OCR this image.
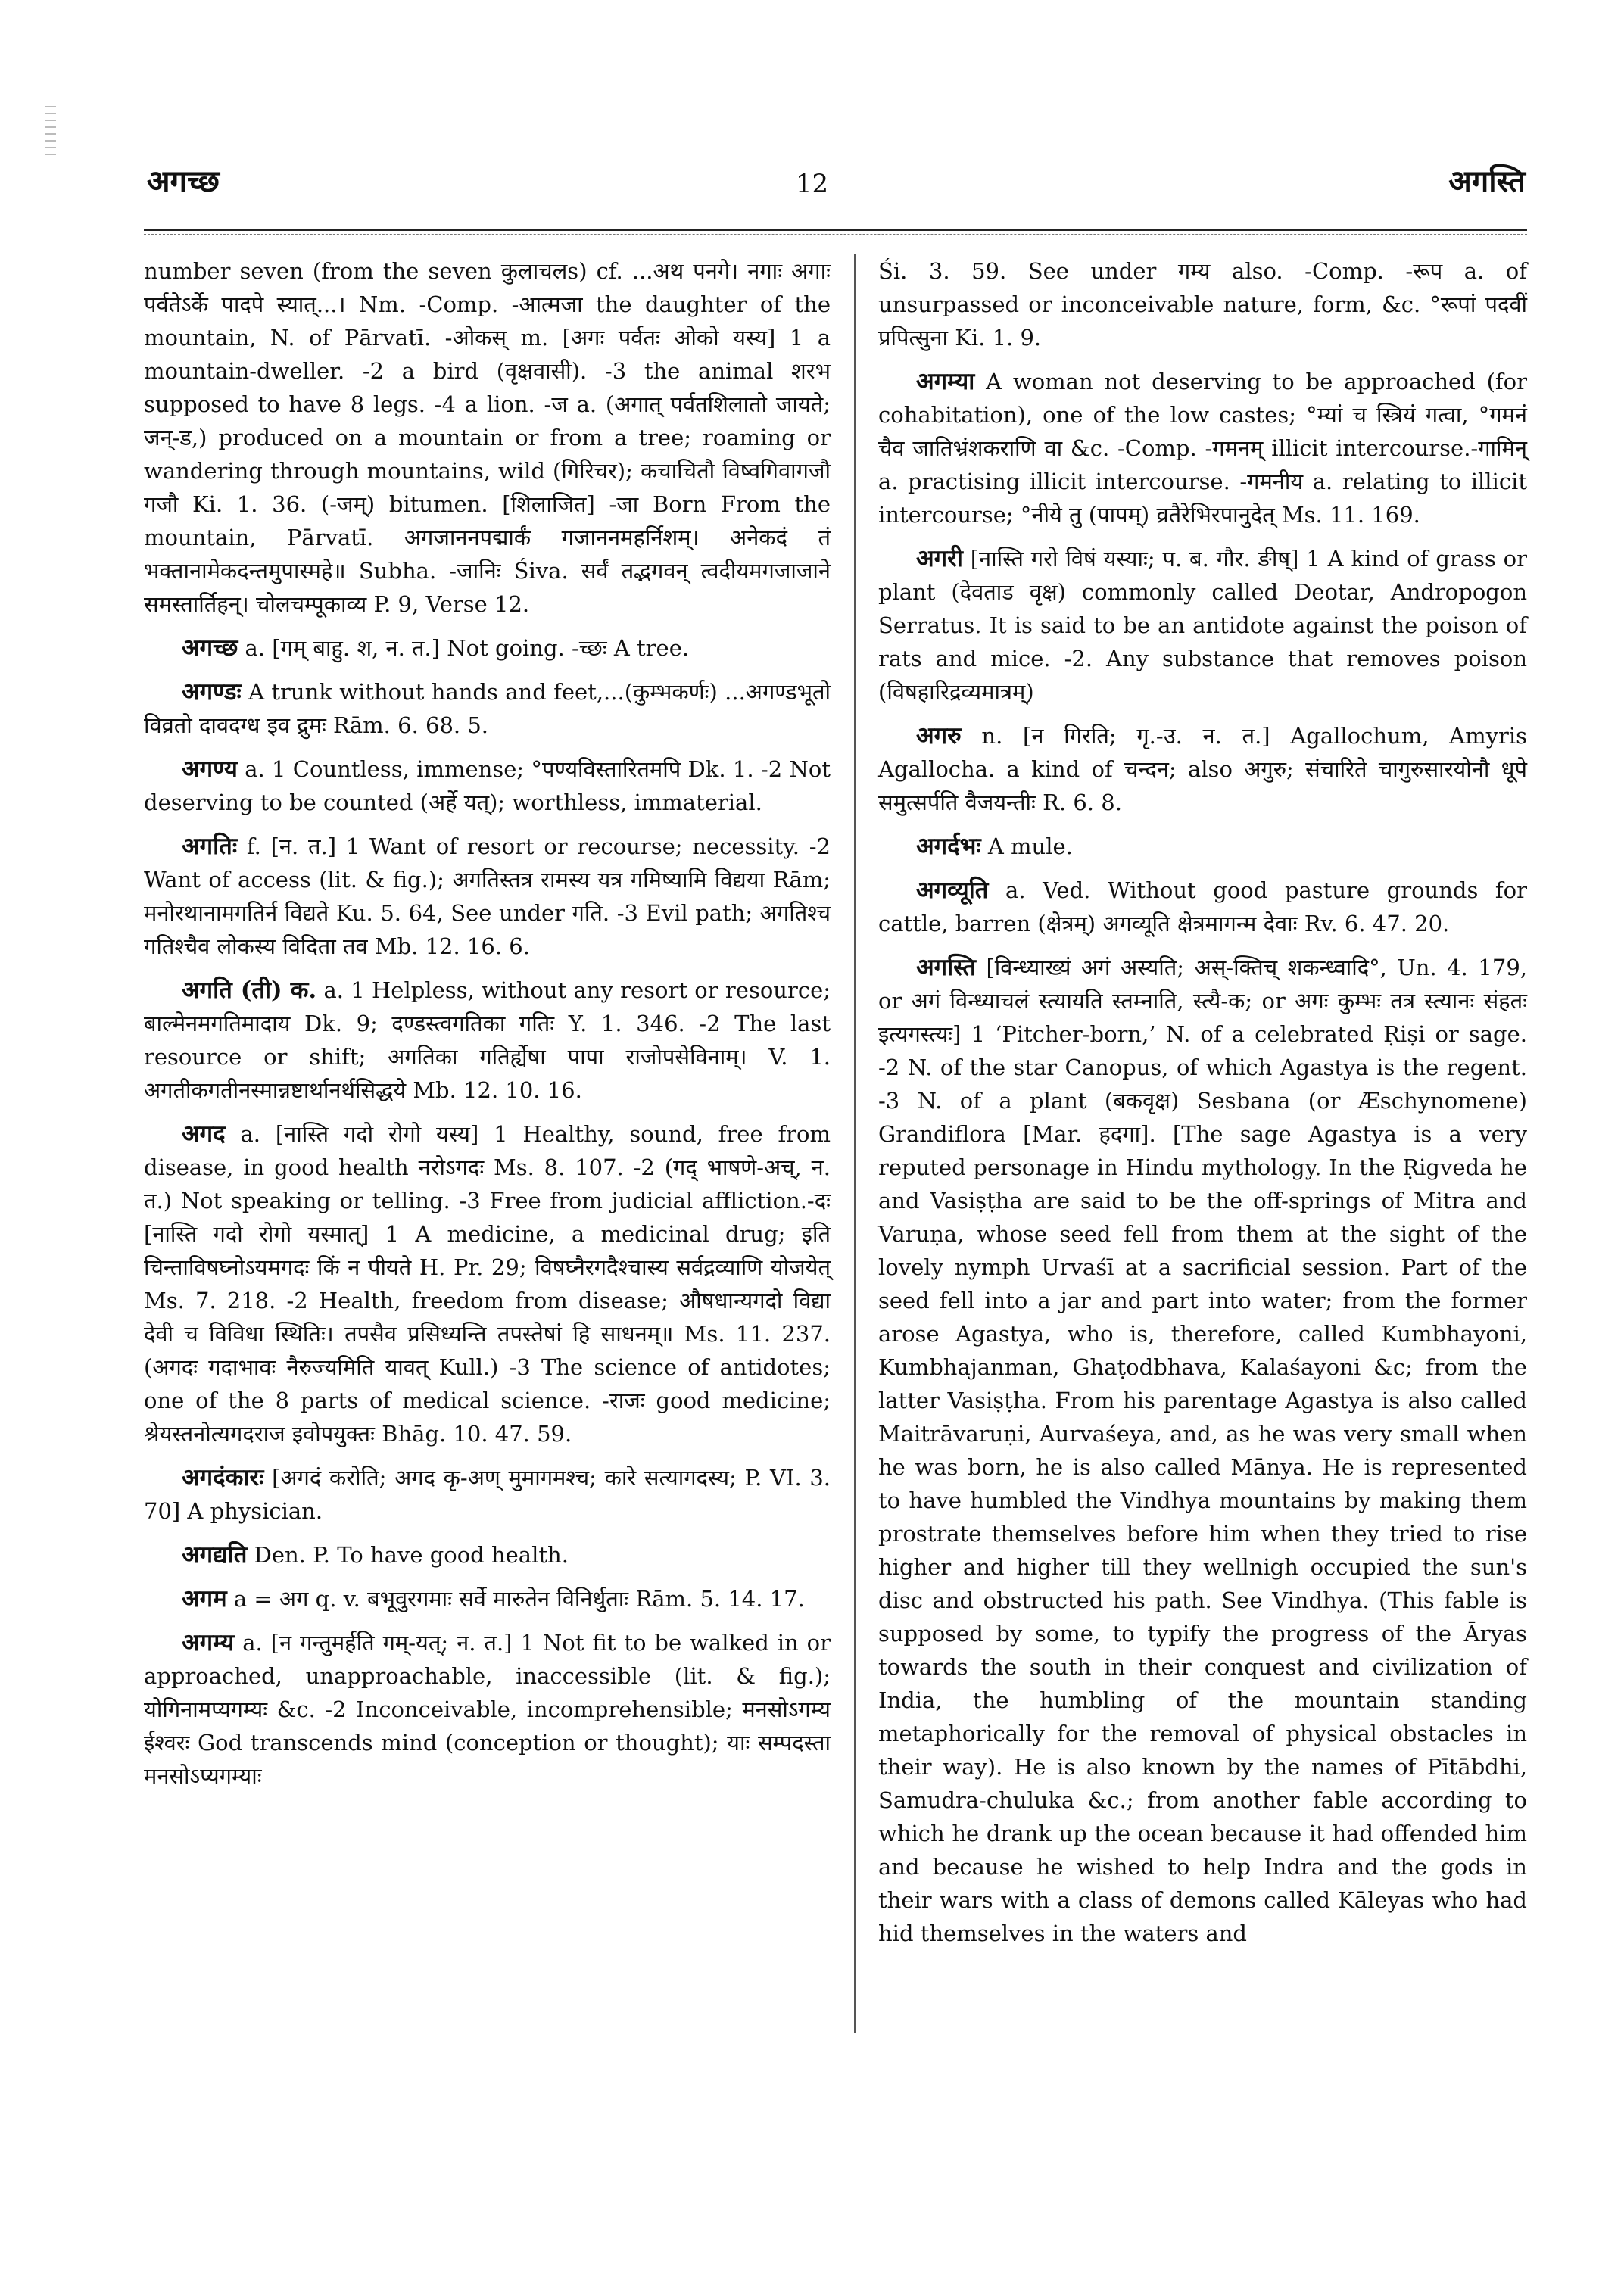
अगच्छ	12	अगस्ति

number seven (from the seven कुलाचलs) cf. ...अथ पनगे। नगाः अगाः पर्वतेऽर्के पादपे स्यात्...। Nm. -Comp. -आत्मजा the daughter of the mountain, N. of Pārvatī. -ओकस् m. [अगः पर्वतः ओको यस्य] 1 a mountain-dweller. -2 a bird (वृक्षवासी). -3 the animal शरभ supposed to have 8 legs. -4 a lion. -ज a. (अगात् पर्वतशिलातो जायते; जन्-ड,) produced on a mountain or from a tree; roaming or wandering through mountains, wild (गिरिचर); कचाचितौ विष्वगिवागजौ गजौ Ki. 1. 36. (-जम्) bitumen. [शिलाजित] -जा Born From the mountain, Pārvatī. अगजाननपद्मार्कं गजाननमहर्निशम्। अनेकदं तं भक्तानामेकदन्तमुपास्महे॥ Subha. -जानिः Śiva. सर्वं तद्भगवन् त्वदीयमगजाजाने समस्तार्तिहन्। चोलचम्पूकाव्य P. 9, Verse 12.

अगच्छ a. [गम् बाहु. श, न. त.] Not going. -च्छः A tree.

अगण्डः A trunk without hands and feet,...(कुम्भकर्णः) ...अगण्डभूतो विव्रतो दावदग्ध इव द्रुमः Rām. 6. 68. 5.

अगण्य a. 1 Countless, immense; °पण्यविस्तारितमपि Dk. 1. -2 Not deserving to be counted (अर्हे यत्); worthless, immaterial.

अगतिः f. [न. त.] 1 Want of resort or recourse; necessity. -2 Want of access (lit. & fig.); अगतिस्तत्र रामस्य यत्र गमिष्यामि विद्यया Rām; मनोरथानामगतिर्न विद्यते Ku. 5. 64, See under गति. -3 Evil path; अगतिश्च गतिश्चैव लोकस्य विदिता तव Mb. 12. 16. 6.

अगति (ती) क. a. 1 Helpless, without any resort or resource; बाल्मेनमगतिमादाय Dk. 9; दण्डस्त्वगतिका गतिः Y. 1. 346. -2 The last resource or shift; अगतिका गतिर्ह्येषा पापा राजोपसेविनाम्। V. 1. अगतीकगतीनस्मान्नष्टार्थानर्थसिद्धये Mb. 12. 10. 16.

अगद a. [नास्ति गदो रोगो यस्य] 1 Healthy, sound, free from disease, in good health नरोऽगदः Ms. 8. 107. -2 (गद् भाषणे-अच्, न. त.) Not speaking or telling. -3 Free from judicial affliction.-दः [नास्ति गदो रोगो यस्मात्] 1 A medicine, a medicinal drug; इति चिन्ताविषघ्नोऽयमगदः किं न पीयते H. Pr. 29; विषघ्नैरगदैश्चास्य सर्वद्रव्याणि योजयेत् Ms. 7. 218. -2 Health, freedom from disease; औषधान्यगदो विद्या देवी च विविधा स्थितिः। तपसैव प्रसिध्यन्ति तपस्तेषां हि साधनम्॥ Ms. 11. 237. (अगदः गदाभावः नैरुज्यमिति यावत् Kull.) -3 The science of antidotes; one of the 8 parts of medical science. -राजः good medicine; श्रेयस्तनोत्यगदराज इवोपयुक्तः Bhāg. 10. 47. 59.

अगदंकारः [अगदं करोति; अगद कृ-अण् मुमागमश्च; कारे सत्यागदस्य; P. VI. 3. 70] A physician.

अगद्यति Den. P. To have good health.

अगम a = अग q. v. बभूवुरगमाः सर्वे मारुतेन विनिर्धुताः Rām. 5. 14. 17.

अगम्य a. [न गन्तुमर्हति गम्-यत्; न. त.] 1 Not fit to be walked in or approached, unapproachable, inaccessible (lit. & fig.); योगिनामप्यगम्यः &c. -2 Inconceivable, incomprehensible; मनसोऽगम्य ईश्वरः God transcends mind (conception or thought); याः सम्पदस्ता मनसोऽप्यगम्याः

Śi. 3. 59. See under गम्य also. -Comp. -रूप a. of unsurpassed or inconceivable nature, form, &c. °रूपां पदवीं प्रपित्सुना Ki. 1. 9.

अगम्या A woman not deserving to be approached (for cohabitation), one of the low castes; °म्यां च स्त्रियं गत्वा, °गमनं चैव जातिभ्रंशकराणि वा &c. -Comp. -गमनम् illicit intercourse.-गामिन् a. practising illicit intercourse. -गमनीय a. relating to illicit intercourse; °नीये तु (पापम्) व्रतैरेभिरपानुदेत् Ms. 11. 169.

अगरी [नास्ति गरो विषं यस्याः; प. ब. गौर. ङीष्] 1 A kind of grass or plant (देवताड वृक्ष) commonly called Deotar, Andropogon Serratus. It is said to be an antidote against the poison of rats and mice. -2. Any substance that removes poison (विषहारिद्रव्यमात्रम्)

अगरु n. [न गिरति; गृ.-उ. न. त.] Agallochum, Amyris Agallocha. a kind of चन्दन; also अगुरु; संचारिते चागुरुसारयोनौ धूपे समुत्सर्पति वैजयन्तीः R. 6. 8.

अगर्दभः A mule.

अगव्यूति a. Ved. Without good pasture grounds for cattle, barren (क्षेत्रम्) अगव्यूति क्षेत्रमागन्म देवाः Rv. 6. 47. 20.

अगस्ति [विन्ध्याख्यं अगं अस्यति; अस्-क्तिच् शकन्ध्वादि°, Un. 4. 179, or अगं विन्ध्याचलं स्त्यायति स्तम्नाति, स्त्यै-क; or अगः कुम्भः तत्र स्त्यानः संहतः इत्यगस्त्यः] 1 ‘Pitcher-born,’ N. of a celebrated Ṛiṣi or sage. -2 N. of the star Canopus, of which Agastya is the regent. -3 N. of a plant (बकवृक्ष) Sesbana (or Æschynomene) Grandiflora [Mar. हदगा]. [The sage Agastya is a very reputed personage in Hindu mythology. In the Ṛigveda he and Vasiṣṭha are said to be the off-springs of Mitra and Varuṇa, whose seed fell from them at the sight of the lovely nymph Urvaśī at a sacrificial session. Part of the seed fell into a jar and part into water; from the former arose Agastya, who is, therefore, called Kumbhayoni, Kumbhajanman, Ghaṭodbhava, Kalaśayoni &c; from the latter Vasiṣṭha. From his parentage Agastya is also called Maitrāvaruṇi, Aurvaśeya, and, as he was very small when he was born, he is also called Mānya. He is represented to have humbled the Vindhya mountains by making them prostrate themselves before him when they tried to rise higher and higher till they wellnigh occupied the sun's disc and obstructed his path. See Vindhya. (This fable is supposed by some, to typify the progress of the Āryas towards the south in their conquest and civilization of India, the humbling of the mountain standing metaphorically for the removal of physical obstacles in their way). He is also known by the names of Pītābdhi, Samudra-chuluka &c.; from another fable according to which he drank up the ocean because it had offended him and because he wished to help Indra and the gods in their wars with a class of demons called Kāleyas who had hid themselves in the waters and
